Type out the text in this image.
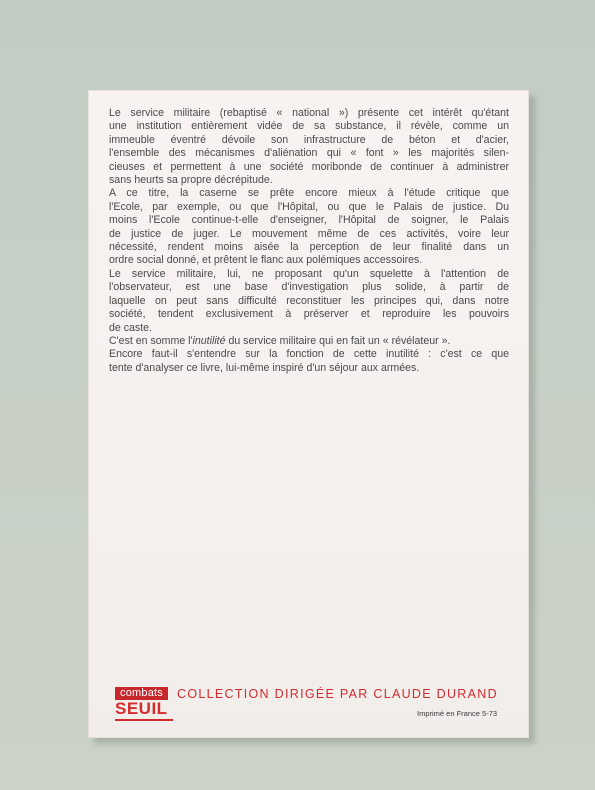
Le service militaire (rebaptisé « national ») présente cet intérêt qu'étant
une institution entièrement vidée de sa substance, il révèle, comme un
immeuble éventré dévoile son infrastructure de béton et d'acier,
l'ensemble des mécanismes d'aliénation qui « font » les majorités silen-
cieuses et permettent à une société moribonde de continuer à administrer
sans heurts sa propre décrépitude.

A ce titre, la caserne se prête encore mieux à l'étude critique que
l'Ecole, par exemple, ou que l'Hôpital, ou que le Palais de justice. Du
moins l'Ecole continue-t-elle d'enseigner, l'Hôpital de soigner, le Palais
de justice de juger. Le mouvement même de ces activités, voire leur
nécessité, rendent moins aisée la perception de leur finalité dans un
ordre social donné, et prêtent le flanc aux polémiques accessoires.
Le service militaire, lui, ne proposant qu'un squelette à l'attention de
l'observateur, est une base d'investigation plus solide, à partir de
laquelle on peut sans difficulté reconstituer les principes qui, dans notre
société, tendent exclusivement à préserver et reproduire les pouvoirs
de caste.

C'est en somme l'inutilité du service militaire qui en fait un « révélateur ».
Encore faut-il s'entendre sur la fonction de cette inutilité : c'est ce que
tente d'analyser ce livre, lui-même inspiré d'un séjour aux armées.

combats
SEUIL
COLLECTION DIRIGÉE PAR CLAUDE DURAND
Imprimé en France 5-73
